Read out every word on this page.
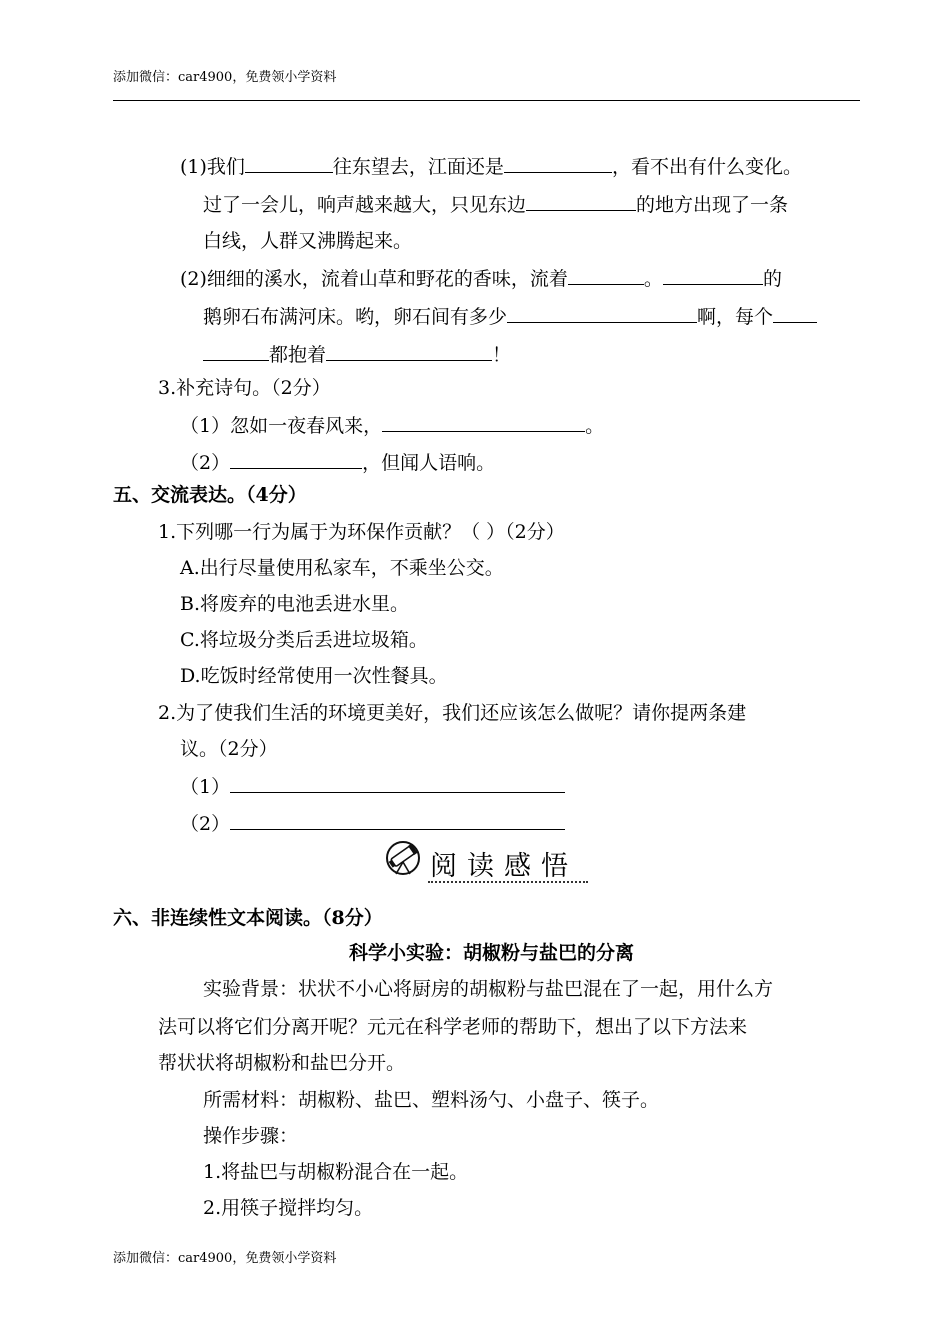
添加微信：car4900，免费领小学资料
(1)我们	往东望去，江面还是	，看不出有什么变化。
过了一会儿，响声越来越大，只见东边	的地方出现了一条
白线，人群又沸腾起来。
(2)细细的溪水，流着山草和野花的香味，流着	。	的
鹅卵石布满河床。哟，卵石间有多少	啊，每个
都抱着	！
3.补充诗句。（2分）
（1）忽如一夜春风来，	。
（2）	，但闻人语响。
五、交流表达。（4分）
1.下列哪一行为属于为环保作贡献？（ ）（2分）
A.出行尽量使用私家车，不乘坐公交。
B.将废弃的电池丢进水里。
C.将垃圾分类后丢进垃圾箱。
D.吃饭时经常使用一次性餐具。
2.为了使我们生活的环境更美好，我们还应该怎么做呢？请你提两条建
议。（2分）
（1）
（2）
阅读感悟
六、非连续性文本阅读。（8分）
科学小实验：胡椒粉与盐巴的分离
实验背景：状状不小心将厨房的胡椒粉与盐巴混在了一起，用什么方
法可以将它们分离开呢？元元在科学老师的帮助下，想出了以下方法来
帮状状将胡椒粉和盐巴分开。
所需材料：胡椒粉、盐巴、塑料汤勺、小盘子、筷子。
操作步骤：
1.将盐巴与胡椒粉混合在一起。
2.用筷子搅拌均匀。
添加微信：car4900，免费领小学资料
